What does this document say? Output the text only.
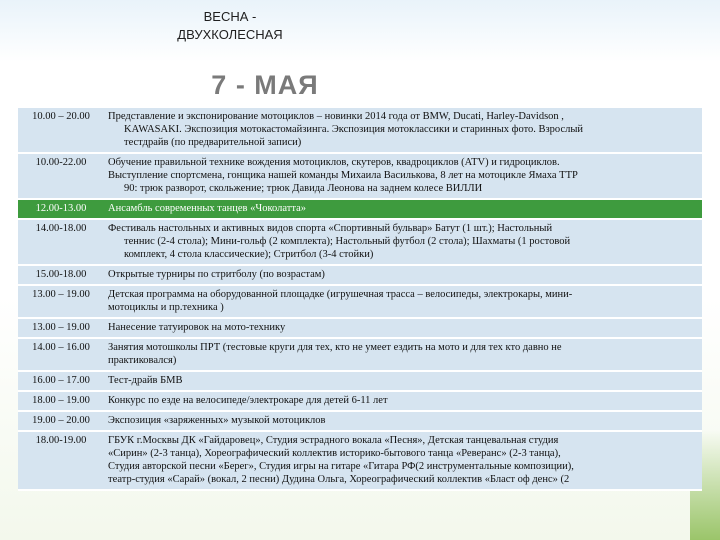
ВЕСНА -
ДВУХКОЛЕСНАЯ
7 - МАЯ
10.00 – 20.00	Представление и экспонирование мотоциклов – новинки 2014 года от BMW, Ducati, Harley-Davidson ,
KAWASAKI. Экспозиция мотокастомайзинга. Экспозиция мотоклассики и старинных фото. Взрослый
тестдрайв (по предварительной записи)

10.00-22.00	Обучение правильной технике вождения мотоциклов, скутеров, квадроциклов (ATV) и гидроциклов.
Выступление спортсмена, гонщика нашей команды Михаила Василькова, 8 лет на мотоцикле Ямаха TTP
90: трюк разворот, скольжение; трюк Давида Леонова на заднем колесе ВИЛЛИ

12.00-13.00	Ансамбль современных танцев «Чоколатта»

14.00-18.00	Фестиваль настольных и активных видов спорта «Спортивный бульвар» Батут (1 шт.); Настольный
теннис (2-4 стола); Мини-гольф (2 комплекта); Настольный футбол (2 стола); Шахматы (1 ростовой
комплект, 4 стола классические); Стритбол (3-4 стойки)

15.00-18.00	Открытые турниры по стритболу (по возрастам)

13.00 – 19.00	Детская программа на оборудованной площадке (игрушечная трасса – велосипеды, электрокары, мини-
мотоциклы и пр.техника )

13.00 – 19.00	Нанесение татуировок на мото-технику

14.00 – 16.00	Занятия мотошколы ПРТ (тестовые круги для тех, кто не умеет ездить на мото и для тех кто давно не
практиковался)

16.00 – 17.00	Тест-драйв БМВ

18.00 – 19.00	Конкурс по езде на велосипеде/электрокаре для детей 6-11 лет

19.00 – 20.00	Экспозиция «заряженных» музыкой мотоциклов

18.00-19.00	ГБУК г.Москвы ДК «Гайдаровец», Студия эстрадного вокала «Песня», Детская танцевальная студия
«Сирин» (2-3 танца), Хореографический коллектив историко-бытового танца «Реверанс» (2-3 танца),
Студия авторской песни «Берег», Студия игры на гитаре «Гитара РФ(2 инструментальные композиции),
театр-студия «Сарай» (вокал, 2 песни) Дудина Ольга, Хореографический коллектив «Бласт оф денс» (2
